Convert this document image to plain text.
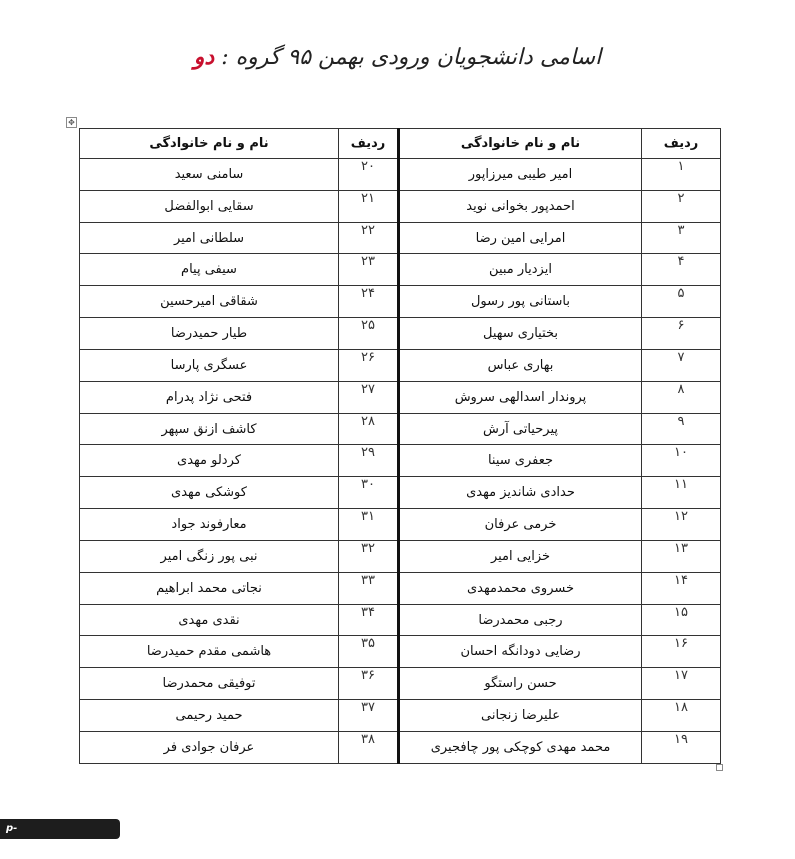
اسامی دانشجویان ورودی بهمن ۹۵ گروه : دو
✥
ردیف	نام و نام خانوادگی	ردیف	نام و نام خانوادگی
۱	امیر طیبی میرزاپور	۲۰	سامنی سعید
۲	احمدپور بخوانی نوید	۲۱	سقایی ابوالفضل
۳	امرایی امین رضا	۲۲	سلطانی امیر
۴	ایزدیار مبین	۲۳	سیفی پیام
۵	باستانی پور رسول	۲۴	شقاقی امیرحسین
۶	بختیاری سهیل	۲۵	طیار حمیدرضا
۷	بهاری عباس	۲۶	عسگری پارسا
۸	پروندار اسدالهی سروش	۲۷	فتحی نژاد پدرام
۹	پیرحیاتی آرش	۲۸	کاشف ازنق سپهر
۱۰	جعفری سینا	۲۹	کردلو مهدی
۱۱	حدادی شاندیز مهدی	۳۰	کوشکی مهدی
۱۲	خرمی عرفان	۳۱	معارفوند جواد
۱۳	خزایی امیر	۳۲	نبی پور زنگی امیر
۱۴	خسروی محمدمهدی	۳۳	نجاتی محمد ابراهیم
۱۵	رجبی محمدرضا	۳۴	نقدی مهدی
۱۶	رضایی دودانگه احسان	۳۵	هاشمی مقدم حمیدرضا
۱۷	حسن راستگو	۳۶	توفیقی محمدرضا
۱۸	علیرضا زنجانی	۳۷	حمید رحیمی
۱۹	محمد مهدی کوچکی پور چافجیری	۳۸	عرفان جوادی فر
p-safadasht.tvu.ac.ir
